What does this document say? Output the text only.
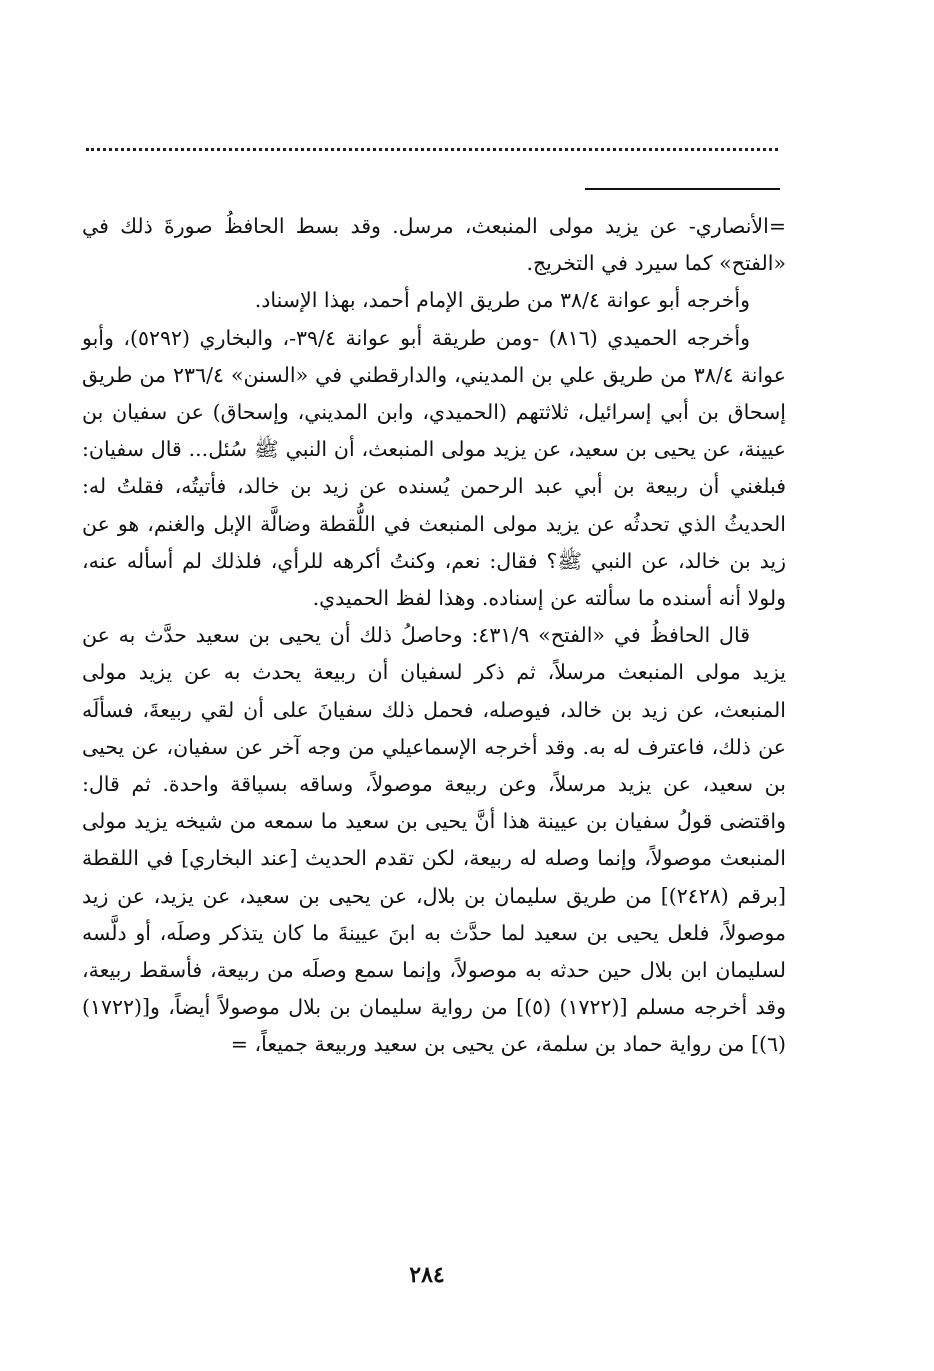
=الأنصاري- عن يزيد مولى المنبعث، مرسل. وقد بسط الحافظُ صورةَ ذلك في «الفتح» كما سيرد في التخريج.

وأخرجه أبو عوانة ٣٨/٤ من طريق الإمام أحمد، بهذا الإسناد.

وأخرجه الحميدي (٨١٦) -ومن طريقة أبو عوانة ٣٩/٤-، والبخاري (٥٢٩٢)، وأبو عوانة ٣٨/٤ من طريق علي بن المديني، والدارقطني في «السنن» ٢٣٦/٤ من طريق إسحاق بن أبي إسرائيل، ثلاثتهم (الحميدي، وابن المديني، وإسحاق) عن سفيان بن عيينة، عن يحيى بن سعيد، عن يزيد مولى المنبعث، أن النبي ﷺ سُئل... قال سفيان: فبلغني أن ربيعة بن أبي عبد الرحمن يُسنده عن زيد بن خالد، فأتيتُه، فقلتُ له: الحديثُ الذي تحدثُه عن يزيد مولى المنبعث في اللُّقطة وضالَّة الإبل والغنم، هو عن زيد بن خالد، عن النبي ﷺ؟ فقال: نعم، وكنتُ أكرهه للرأي، فلذلك لم أسأله عنه، ولولا أنه أسنده ما سألته عن إسناده. وهذا لفظ الحميدي.

قال الحافظُ في «الفتح» ٤٣١/٩: وحاصلُ ذلك أن يحيى بن سعيد حدَّث به عن يزيد مولى المنبعث مرسلاً، ثم ذكر لسفيان أن ربيعة يحدث به عن يزيد مولى المنبعث، عن زيد بن خالد، فيوصله، فحمل ذلك سفيانَ على أن لقي ربيعةَ، فسألَه عن ذلك، فاعترف له به. وقد أخرجه الإسماعيلي من وجه آخر عن سفيان، عن يحيى بن سعيد، عن يزيد مرسلاً، وعن ربيعة موصولاً، وساقه بسياقة واحدة. ثم قال: واقتضى قولُ سفيان بن عيينة هذا أنَّ يحيى بن سعيد ما سمعه من شيخه يزيد مولى المنبعث موصولاً، وإنما وصله له ربيعة، لكن تقدم الحديث [عند البخاري] في اللقطة [برقم (٢٤٢٨)] من طريق سليمان بن بلال، عن يحيى بن سعيد، عن يزيد، عن زيد موصولاً، فلعل يحيى بن سعيد لما حدَّث به ابنَ عيينةَ ما كان يتذكر وصلَه، أو دلَّسه لسليمان ابن بلال حين حدثه به موصولاً، وإنما سمع وصلَه من ربيعة، فأسقط ربيعة، وقد أخرجه مسلم [(١٧٢٢) (٥)] من رواية سليمان بن بلال موصولاً أيضاً، و[(١٧٢٢) (٦)] من رواية حماد بن سلمة، عن يحيى بن سعيد وربيعة جميعاً، =

٢٨٤
